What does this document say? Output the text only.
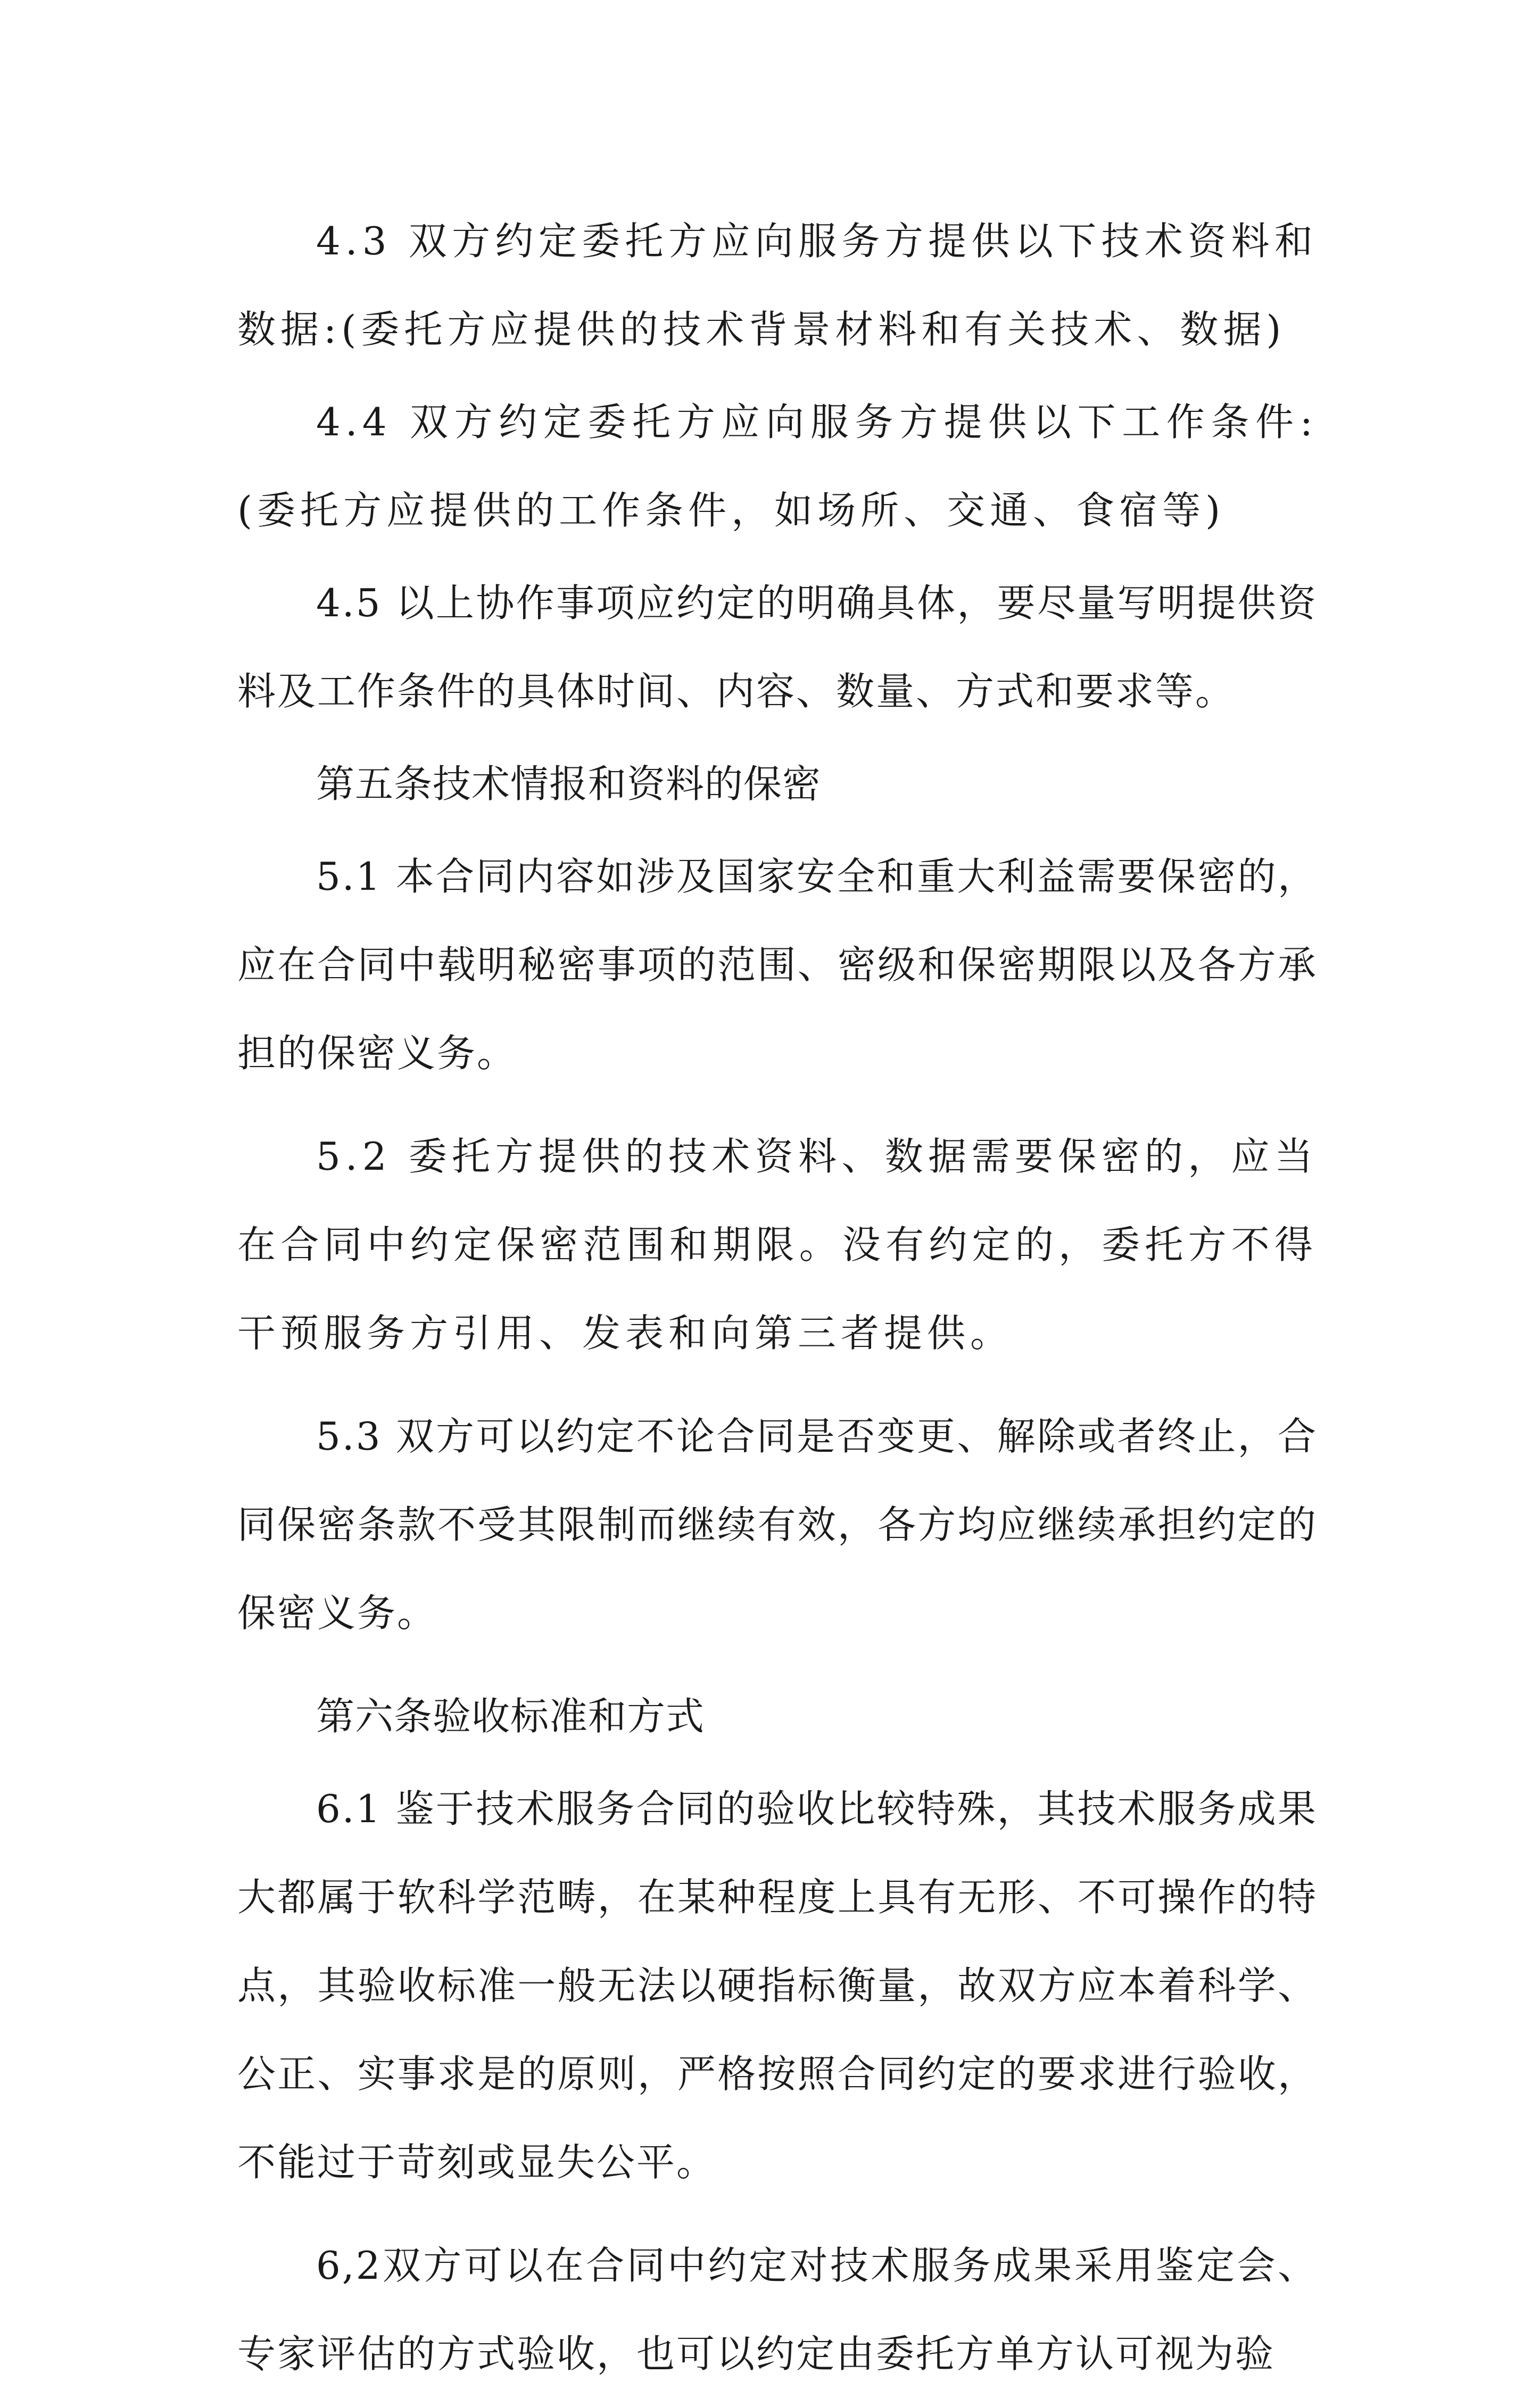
4.3 双方约定委托方应向服务方提供以下技术资料和数据:(委托方应提供的技术背景材料和有关技术、数据)

4.4 双方约定委托方应向服务方提供以下工作条件:(委托方应提供的工作条件，如场所、交通、食宿等)

4.5 以上协作事项应约定的明确具体，要尽量写明提供资料及工作条件的具体时间、内容、数量、方式和要求等。

第五条技术情报和资料的保密

5.1 本合同内容如涉及国家安全和重大利益需要保密的，应在合同中载明秘密事项的范围、密级和保密期限以及各方承担的保密义务。

5.2 委托方提供的技术资料、数据需要保密的，应当在合同中约定保密范围和期限。没有约定的，委托方不得干预服务方引用、发表和向第三者提供。

5.3 双方可以约定不论合同是否变更、解除或者终止，合同保密条款不受其限制而继续有效，各方均应继续承担约定的保密义务。

第六条验收标准和方式

6.1 鉴于技术服务合同的验收比较特殊，其技术服务成果大都属于软科学范畴，在某种程度上具有无形、不可操作的特点，其验收标准一般无法以硬指标衡量，故双方应本着科学、公正、实事求是的原则，严格按照合同约定的要求进行验收，不能过于苛刻或显失公平。

6,2双方可以在合同中约定对技术服务成果采用鉴定会、专家评估的方式验收，也可以约定由委托方单方认可视为验
